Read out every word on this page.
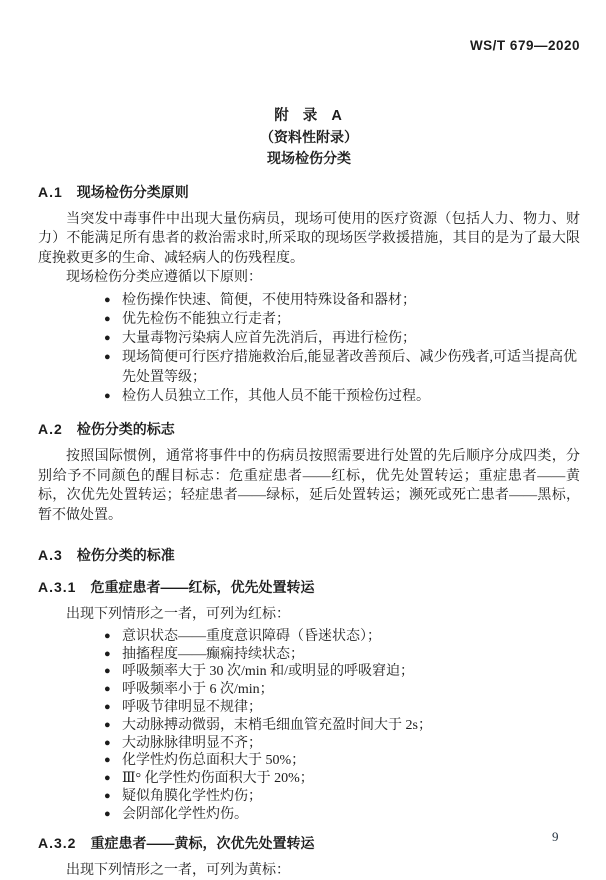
WS/T 679—2020
附  录  A
（资料性附录）
现场检伤分类
A.1 现场检伤分类原则

当突发中毒事件中出现大量伤病员，现场可使用的医疗资源（包括人力、物力、财力）不能满足所有患者的救治需求时,所采取的现场医学救援措施，其目的是为了最大限度挽救更多的生命、减轻病人的伤残程度。

现场检伤分类应遵循以下原则：

● 检伤操作快速、简便，不使用特殊设备和器材；
● 优先检伤不能独立行走者；
● 大量毒物污染病人应首先洗消后，再进行检伤；
● 现场简便可行医疗措施救治后,能显著改善预后、减少伤残者,可适当提高优先处置等级；
● 检伤人员独立工作，其他人员不能干预检伤过程。
A.2 检伤分类的标志

按照国际惯例，通常将事件中的伤病员按照需要进行处置的先后顺序分成四类，分别给予不同颜色的醒目标志：危重症患者——红标，优先处置转运；重症患者——黄标，次优先处置转运；轻症患者——绿标，延后处置转运；濒死或死亡患者——黑标，暂不做处置。

A.3 检伤分类的标准
A.3.1 危重症患者——红标，优先处置转运

出现下列情形之一者，可列为红标：

● 意识状态——重度意识障碍（昏迷状态）；
● 抽搐程度——癫痫持续状态；
● 呼吸频率大于 30 次/min 和/或明显的呼吸窘迫；
● 呼吸频率小于 6 次/min；
● 呼吸节律明显不规律；
● 大动脉搏动微弱，末梢毛细血管充盈时间大于 2s；
● 大动脉脉律明显不齐；
● 化学性灼伤总面积大于 50%；
● Ⅲ° 化学性灼伤面积大于 20%；
● 疑似角膜化学性灼伤；
● 会阴部化学性灼伤。
A.3.2 重症患者——黄标，次优先处置转运

出现下列情形之一者，可列为黄标：

9
